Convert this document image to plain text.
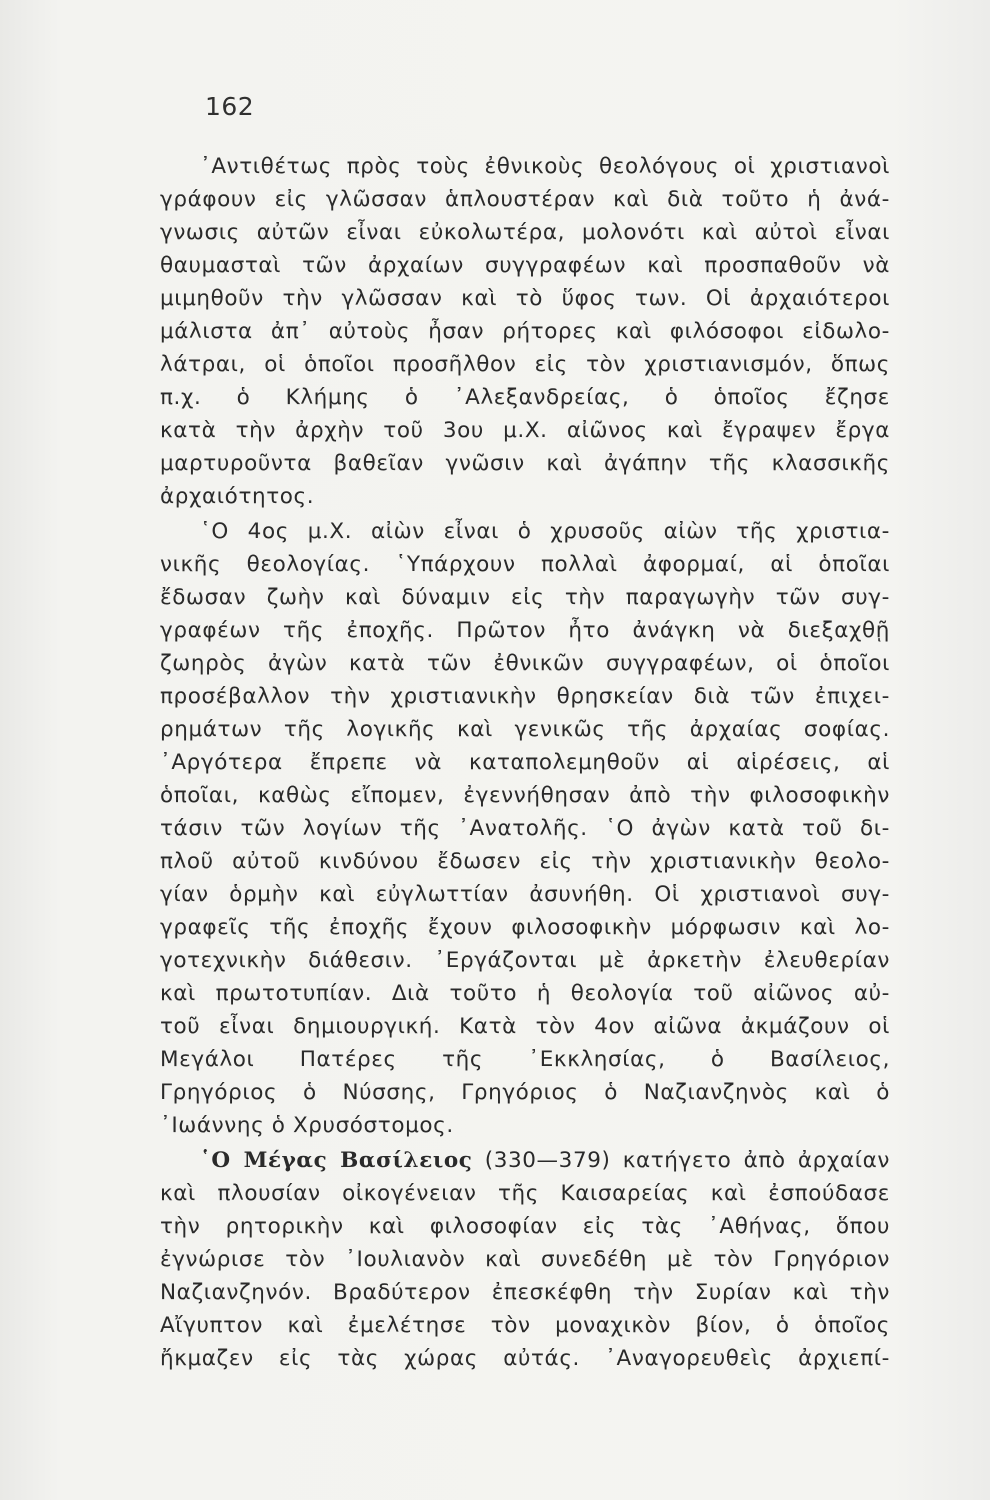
162
᾿Αντιθέτως πρὸς τοὺς ἐθνικοὺς θεολόγους οἱ χριστιανοὶ
γράφουν εἰς γλῶσσαν ἁπλουστέραν καὶ διὰ τοῦτο ἡ ἀνά-
γνωσις αὐτῶν εἶναι εὐκολωτέρα, μολονότι καὶ αὐτοὶ εἶναι
θαυμασταὶ τῶν ἀρχαίων συγγραφέων καὶ προσπαθοῦν νὰ
μιμηθοῦν τὴν γλῶσσαν καὶ τὸ ὕφος των. Οἱ ἀρχαιότεροι
μάλιστα ἀπ᾿ αὐτοὺς ἦσαν ρήτορες καὶ φιλόσοφοι εἰδωλο-
λάτραι, οἱ ὁποῖοι προσῆλθον εἰς τὸν χριστιανισμόν, ὅπως
π.χ. ὁ Κλήμης ὁ ᾿Αλεξανδρείας, ὁ ὁποῖος ἔζησε
κατὰ τὴν ἀρχὴν τοῦ 3ου μ.Χ. αἰῶνος καὶ ἔγραψεν ἔργα
μαρτυροῦντα βαθεῖαν γνῶσιν καὶ ἀγάπην τῆς κλασσικῆς
ἀρχαιότητος.
῾Ο 4ος μ.Χ. αἰὼν εἶναι ὁ χρυσοῦς αἰὼν τῆς χριστια-
νικῆς θεολογίας. ῾Υπάρχουν πολλαὶ ἀφορμαί, αἱ ὁποῖαι
ἔδωσαν ζωὴν καὶ δύναμιν εἰς τὴν παραγωγὴν τῶν συγ-
γραφέων τῆς ἐποχῆς. Πρῶτον ἦτο ἀνάγκη νὰ διεξαχθῇ
ζωηρὸς ἀγὼν κατὰ τῶν ἐθνικῶν συγγραφέων, οἱ ὁποῖοι
προσέβαλλον τὴν χριστιανικὴν θρησκείαν διὰ τῶν ἐπιχει-
ρημάτων τῆς λογικῆς καὶ γενικῶς τῆς ἀρχαίας σοφίας.
᾿Αργότερα ἔπρεπε νὰ καταπολεμηθοῦν αἱ αἱρέσεις, αἱ
ὁποῖαι, καθὼς εἴπομεν, ἐγεννήθησαν ἀπὸ τὴν φιλοσοφικὴν
τάσιν τῶν λογίων τῆς ᾿Ανατολῆς. ῾Ο ἀγὼν κατὰ τοῦ δι-
πλοῦ αὐτοῦ κινδύνου ἔδωσεν εἰς τὴν χριστιανικὴν θεολο-
γίαν ὁρμὴν καὶ εὐγλωττίαν ἀσυνήθη. Οἱ χριστιανοὶ συγ-
γραφεῖς τῆς ἐποχῆς ἔχουν φιλοσοφικὴν μόρφωσιν καὶ λο-
γοτεχνικὴν διάθεσιν. ᾿Εργάζονται μὲ ἀρκετὴν ἐλευθερίαν
καὶ πρωτοτυπίαν. Διὰ τοῦτο ἡ θεολογία τοῦ αἰῶνος αὐ-
τοῦ εἶναι δημιουργική. Κατὰ τὸν 4ον αἰῶνα ἀκμάζουν οἱ
Μεγάλοι Πατέρες τῆς ᾿Εκκλησίας, ὁ Βασίλειος,
Γρηγόριος ὁ Νύσσης, Γρηγόριος ὁ Ναζιανζηνὸς καὶ ὁ
᾿Ιωάννης ὁ Χρυσόστομος.
῾Ο Μέγας Βασίλειος (330—379) κατήγετο ἀπὸ ἀρχαίαν
καὶ πλουσίαν οἰκογένειαν τῆς Καισαρείας καὶ ἐσπούδασε
τὴν ρητορικὴν καὶ φιλοσοφίαν εἰς τὰς ᾿Αθήνας, ὅπου
ἐγνώρισε τὸν ᾿Ιουλιανὸν καὶ συνεδέθη μὲ τὸν Γρηγόριον
Ναζιανζηνόν. Βραδύτερον ἐπεσκέφθη τὴν Συρίαν καὶ τὴν
Αἴγυπτον καὶ ἐμελέτησε τὸν μοναχικὸν βίον, ὁ ὁποῖος
ἤκμαζεν εἰς τὰς χώρας αὐτάς. ᾿Αναγορευθεὶς ἀρχιεπί-
